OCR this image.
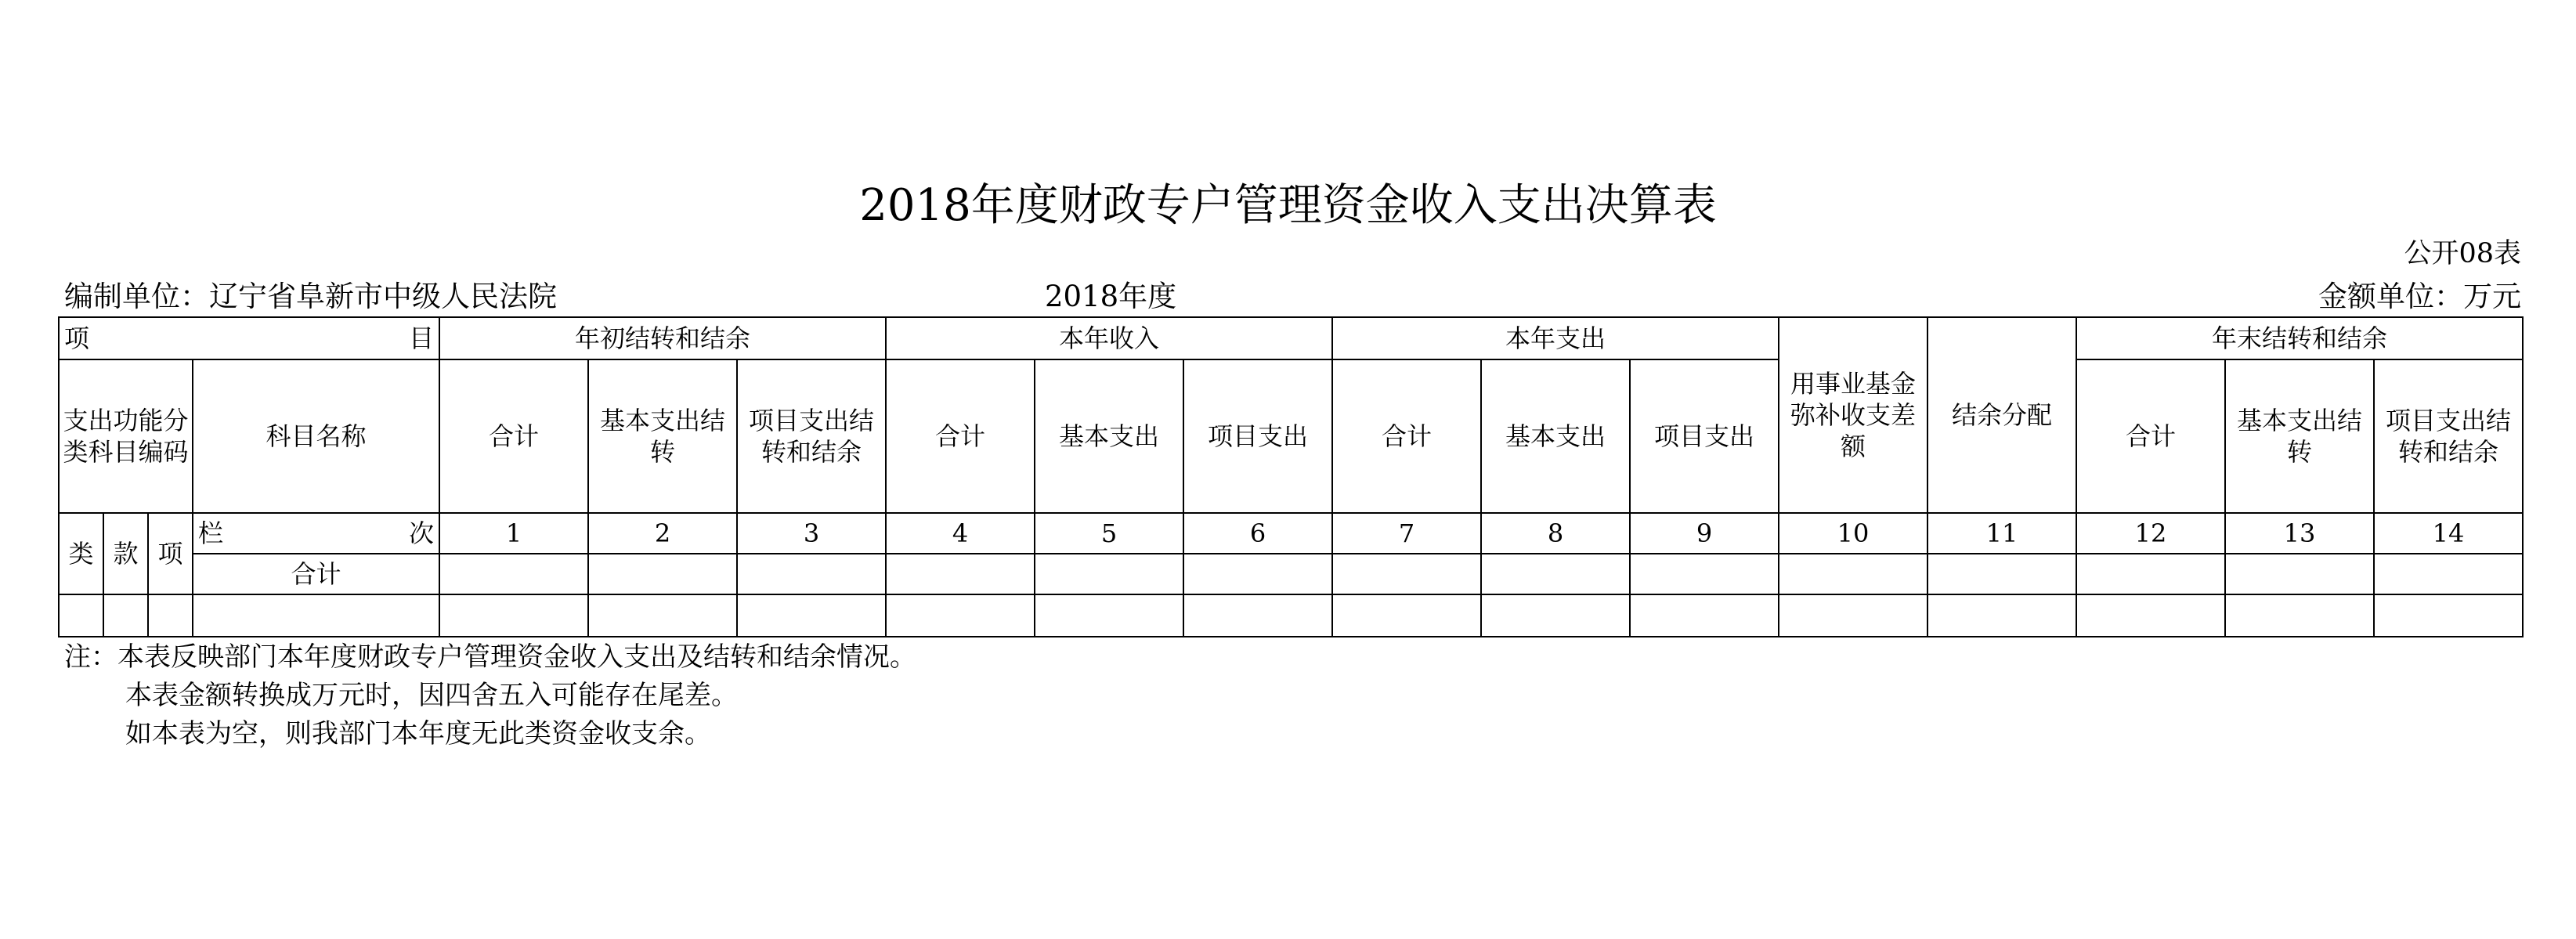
2018年度财政专户管理资金收入支出决算表
公开08表
编制单位：辽宁省阜新市中级人民法院	2018年度	金额单位：万元
项 目				年初结转和结余			本年收入			本年支出			用事业基金弥补收支差额	结余分配	年末结转和结余		
支出功能分类科目编码			科目名称	合计	基本支出结转	项目支出结转和结余	合计	基本支出	项目支出	合计	基本支出	项目支出			合计	基本支出结转	项目支出结转和结余
类	款	项	栏 次	1	2	3	4	5	6	7	8	9	10	11	12	13	14
			合计														

注：本表反映部门本年度财政专户管理资金收入支出及结转和结余情况。
本表金额转换成万元时，因四舍五入可能存在尾差。
如本表为空，则我部门本年度无此类资金收支余。
